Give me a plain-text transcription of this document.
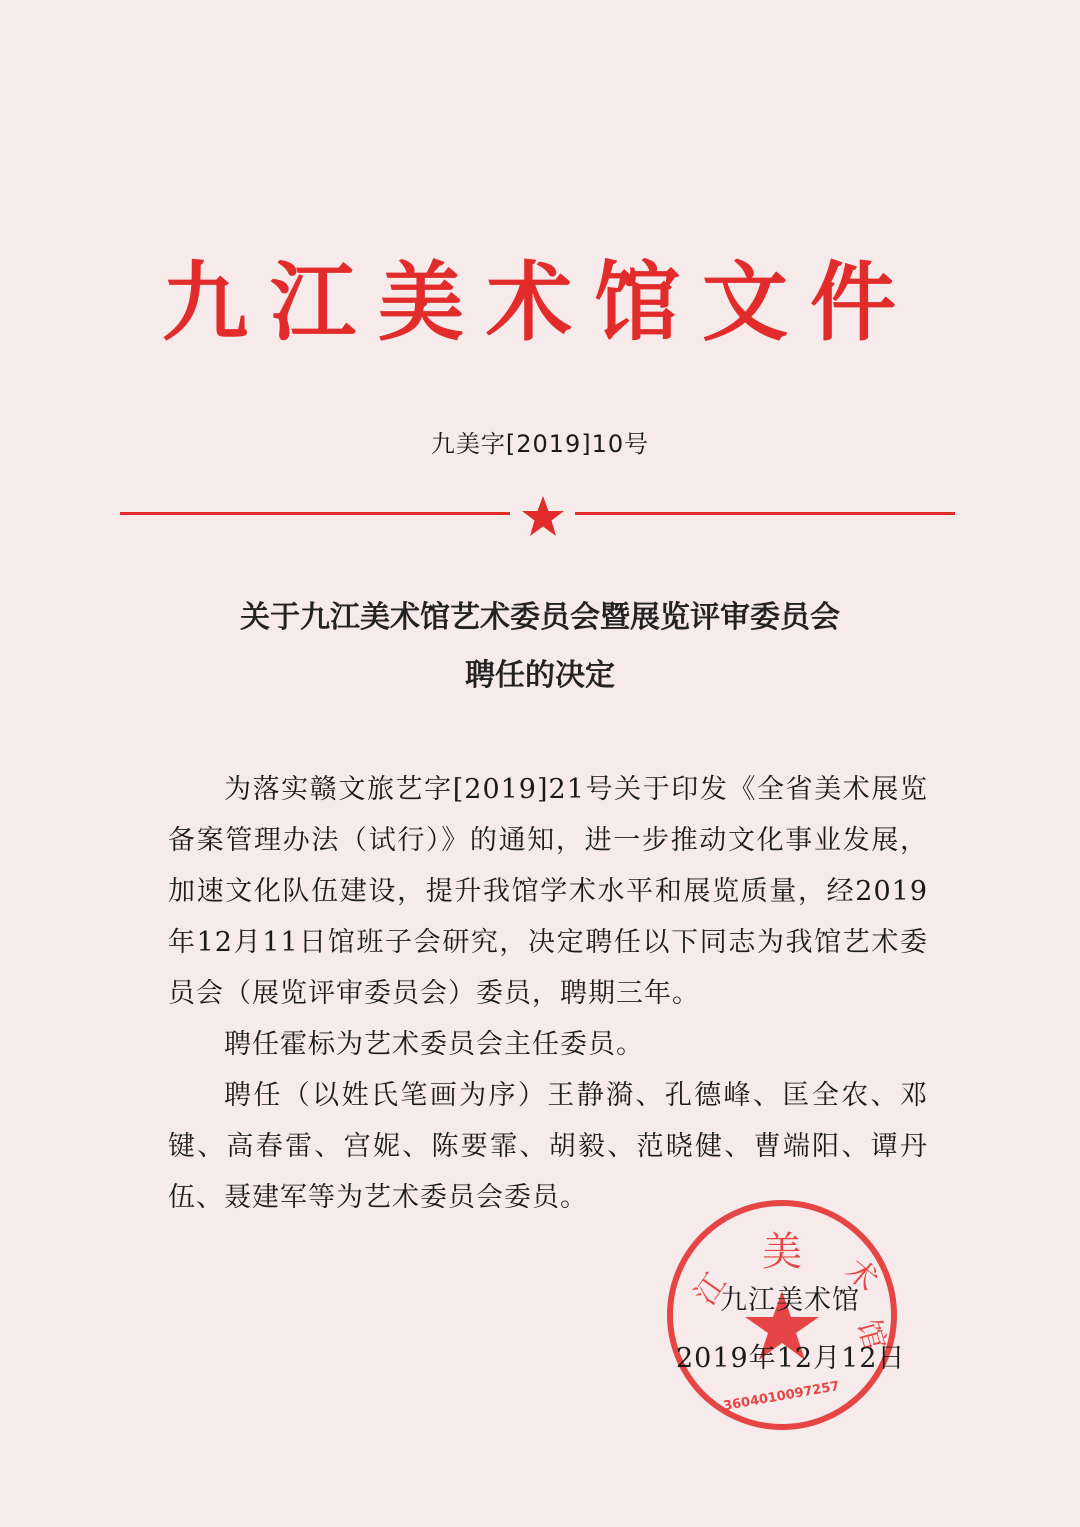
九江美术馆文件
九美字[2019]10号
关于九江美术馆艺术委员会暨展览评审委员会
聘任的决定

为落实赣文旅艺字[2019]21号关于印发《全省美术展览备案管理办法（试行）》的通知，进一步推动文化事业发展，加速文化队伍建设，提升我馆学术水平和展览质量，经2019年12月11日馆班子会研究，决定聘任以下同志为我馆艺术委员会（展览评审委员会）委员，聘期三年。

聘任霍标为艺术委员会主任委员。

聘任（以姓氏笔画为序）王静漪、孔德峰、匡全农、邓键、高春雷、宫妮、陈要霏、胡毅、范晓健、曹端阳、谭丹伍、聂建军等为艺术委员会委员。

美
江	术
馆
3604010097257
九江美术馆
2019年12月12日
